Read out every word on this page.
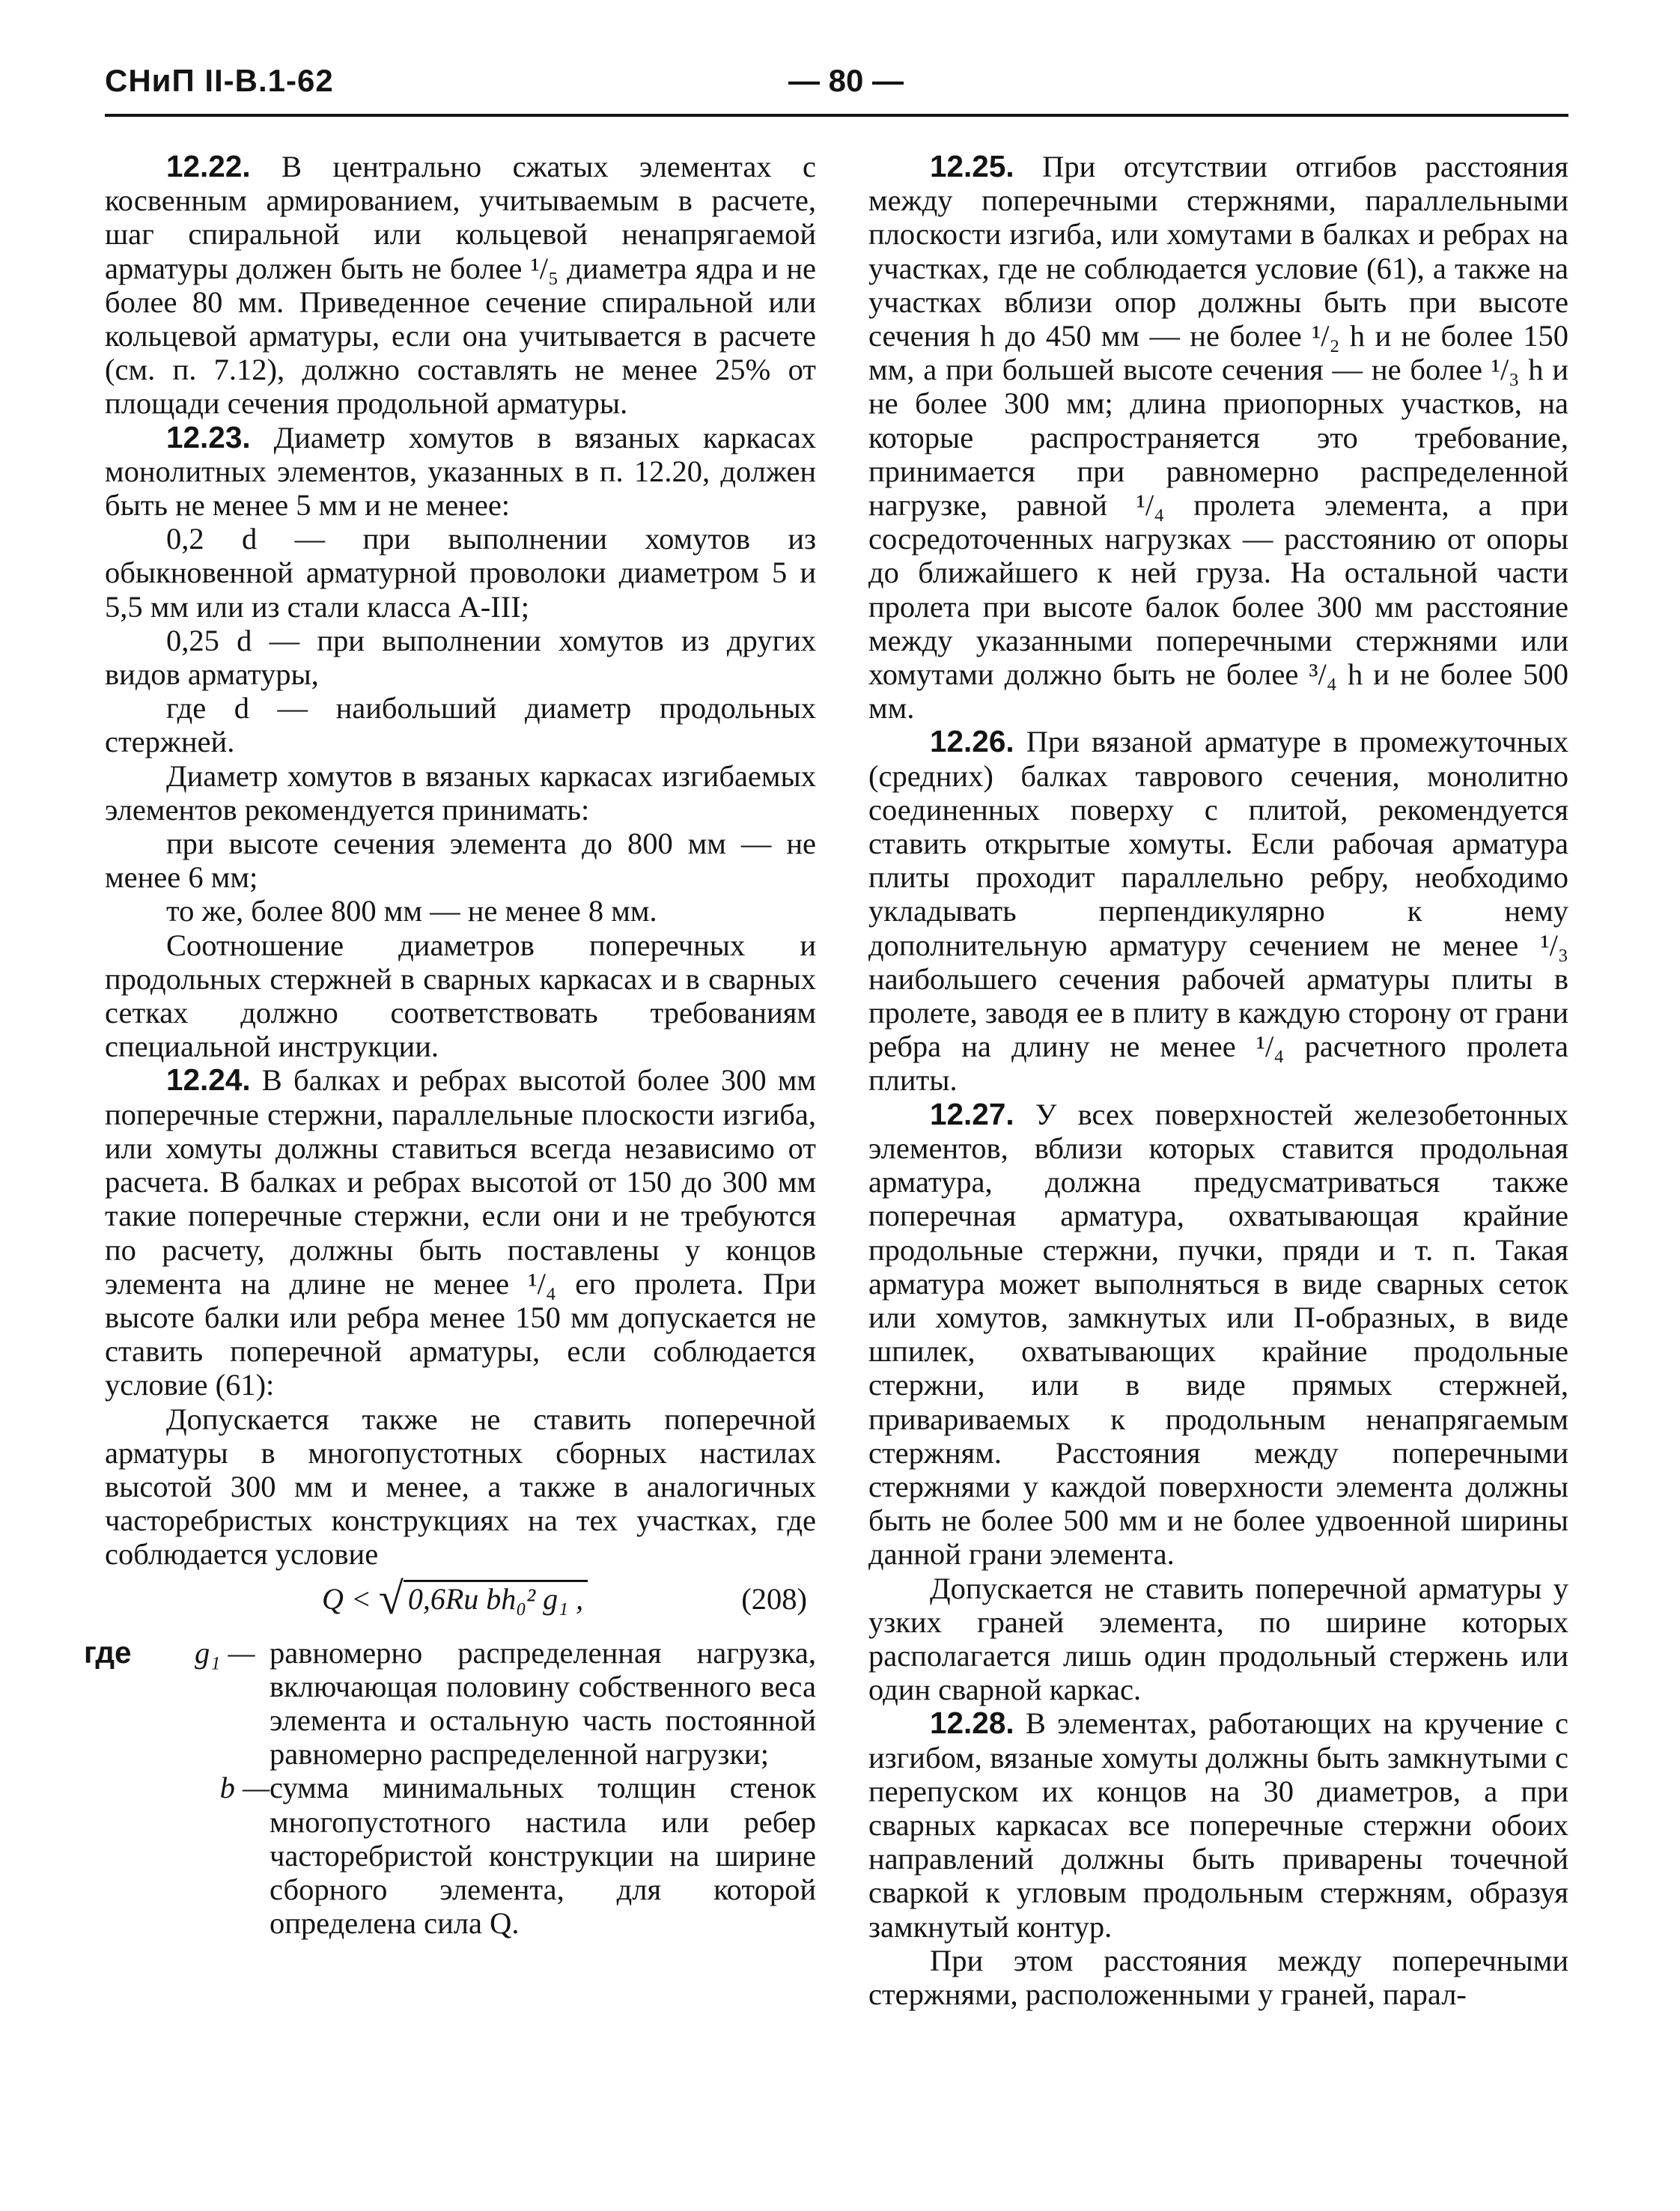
СНиП II-В.1-62	— 80 —

12.22. В центрально сжатых элементах с косвенным армированием, учитываемым в расчете, шаг спиральной или кольцевой ненапрягаемой арматуры должен быть не более ¹/₅ диаметра ядра и не более 80 мм. Приведенное сечение спиральной или кольцевой арматуры, если она учитывается в расчете (см. п. 7.12), должно составлять не менее 25% от площади сечения продольной арматуры.

12.23. Диаметр хомутов в вязаных каркасах монолитных элементов, указанных в п. 12.20, должен быть не менее 5 мм и не менее:

0,2 d — при выполнении хомутов из обыкновенной арматурной проволоки диаметром 5 и 5,5 мм или из стали класса А-III;

0,25 d — при выполнении хомутов из других видов арматуры,

где d — наибольший диаметр продольных стержней.

Диаметр хомутов в вязаных каркасах изгибаемых элементов рекомендуется принимать:

при высоте сечения элемента до 800 мм — не менее 6 мм;

то же, более 800 мм — не менее 8 мм.

Соотношение диаметров поперечных и продольных стержней в сварных каркасах и в сварных сетках должно соответствовать требованиям специальной инструкции.

12.24. В балках и ребрах высотой более 300 мм поперечные стержни, параллельные плоскости изгиба, или хомуты должны ставиться всегда независимо от расчета. В балках и ребрах высотой от 150 до 300 мм такие поперечные стержни, если они и не требуются по расчету, должны быть поставлены у концов элемента на длине не менее ¹/₄ его пролета. При высоте балки или ребра менее 150 мм допускается не ставить поперечной арматуры, если соблюдается условие (61):

Допускается также не ставить поперечной арматуры в многопустотных сборных настилах высотой 300 мм и менее, а также в аналогичных часторебристых конструкциях на тех участках, где соблюдается условие

Q < √ 0,6Rи bh₀² g₁ ,	(208)
где g₁ — равномерно распределенная нагрузка, включающая половину собственного веса элемента и остальную часть постоянной равномерно распределенной нагрузки;
b — сумма минимальных толщин стенок многопустотного настила или ребер часторебристой конструкции на ширине сборного элемента, для которой определена сила Q.

12.25. При отсутствии отгибов расстояния между поперечными стержнями, параллельными плоскости изгиба, или хомутами в балках и ребрах на участках, где не соблюдается условие (61), а также на участках вблизи опор должны быть при высоте сечения h до 450 мм — не более ¹/₂ h и не более 150 мм, а при большей высоте сечения — не более ¹/₃ h и не более 300 мм; длина приопорных участков, на которые распространяется это требование, принимается при равномерно распределенной нагрузке, равной ¹/₄ пролета элемента, а при сосредоточенных нагрузках — расстоянию от опоры до ближайшего к ней груза. На остальной части пролета при высоте балок более 300 мм расстояние между указанными поперечными стержнями или хомутами должно быть не более ³/₄ h и не более 500 мм.

12.26. При вязаной арматуре в промежуточных (средних) балках таврового сечения, монолитно соединенных поверху с плитой, рекомендуется ставить открытые хомуты. Если рабочая арматура плиты проходит параллельно ребру, необходимо укладывать перпендикулярно к нему дополнительную арматуру сечением не менее ¹/₃ наибольшего сечения рабочей арматуры плиты в пролете, заводя ее в плиту в каждую сторону от грани ребра на длину не менее ¹/₄ расчетного пролета плиты.

12.27. У всех поверхностей железобетонных элементов, вблизи которых ставится продольная арматура, должна предусматриваться также поперечная арматура, охватывающая крайние продольные стержни, пучки, пряди и т. п. Такая арматура может выполняться в виде сварных сеток или хомутов, замкнутых или П-образных, в виде шпилек, охватывающих крайние продольные стержни, или в виде прямых стержней, привариваемых к продольным ненапрягаемым стержням. Расстояния между поперечными стержнями у каждой поверхности элемента должны быть не более 500 мм и не более удвоенной ширины данной грани элемента.

Допускается не ставить поперечной арматуры у узких граней элемента, по ширине которых располагается лишь один продольный стержень или один сварной каркас.

12.28. В элементах, работающих на кручение с изгибом, вязаные хомуты должны быть замкнутыми с перепуском их концов на 30 диаметров, а при сварных каркасах все поперечные стержни обоих направлений должны быть приварены точечной сваркой к угловым продольным стержням, образуя замкнутый контур.

При этом расстояния между поперечными стержнями, расположенными у граней, парал-
